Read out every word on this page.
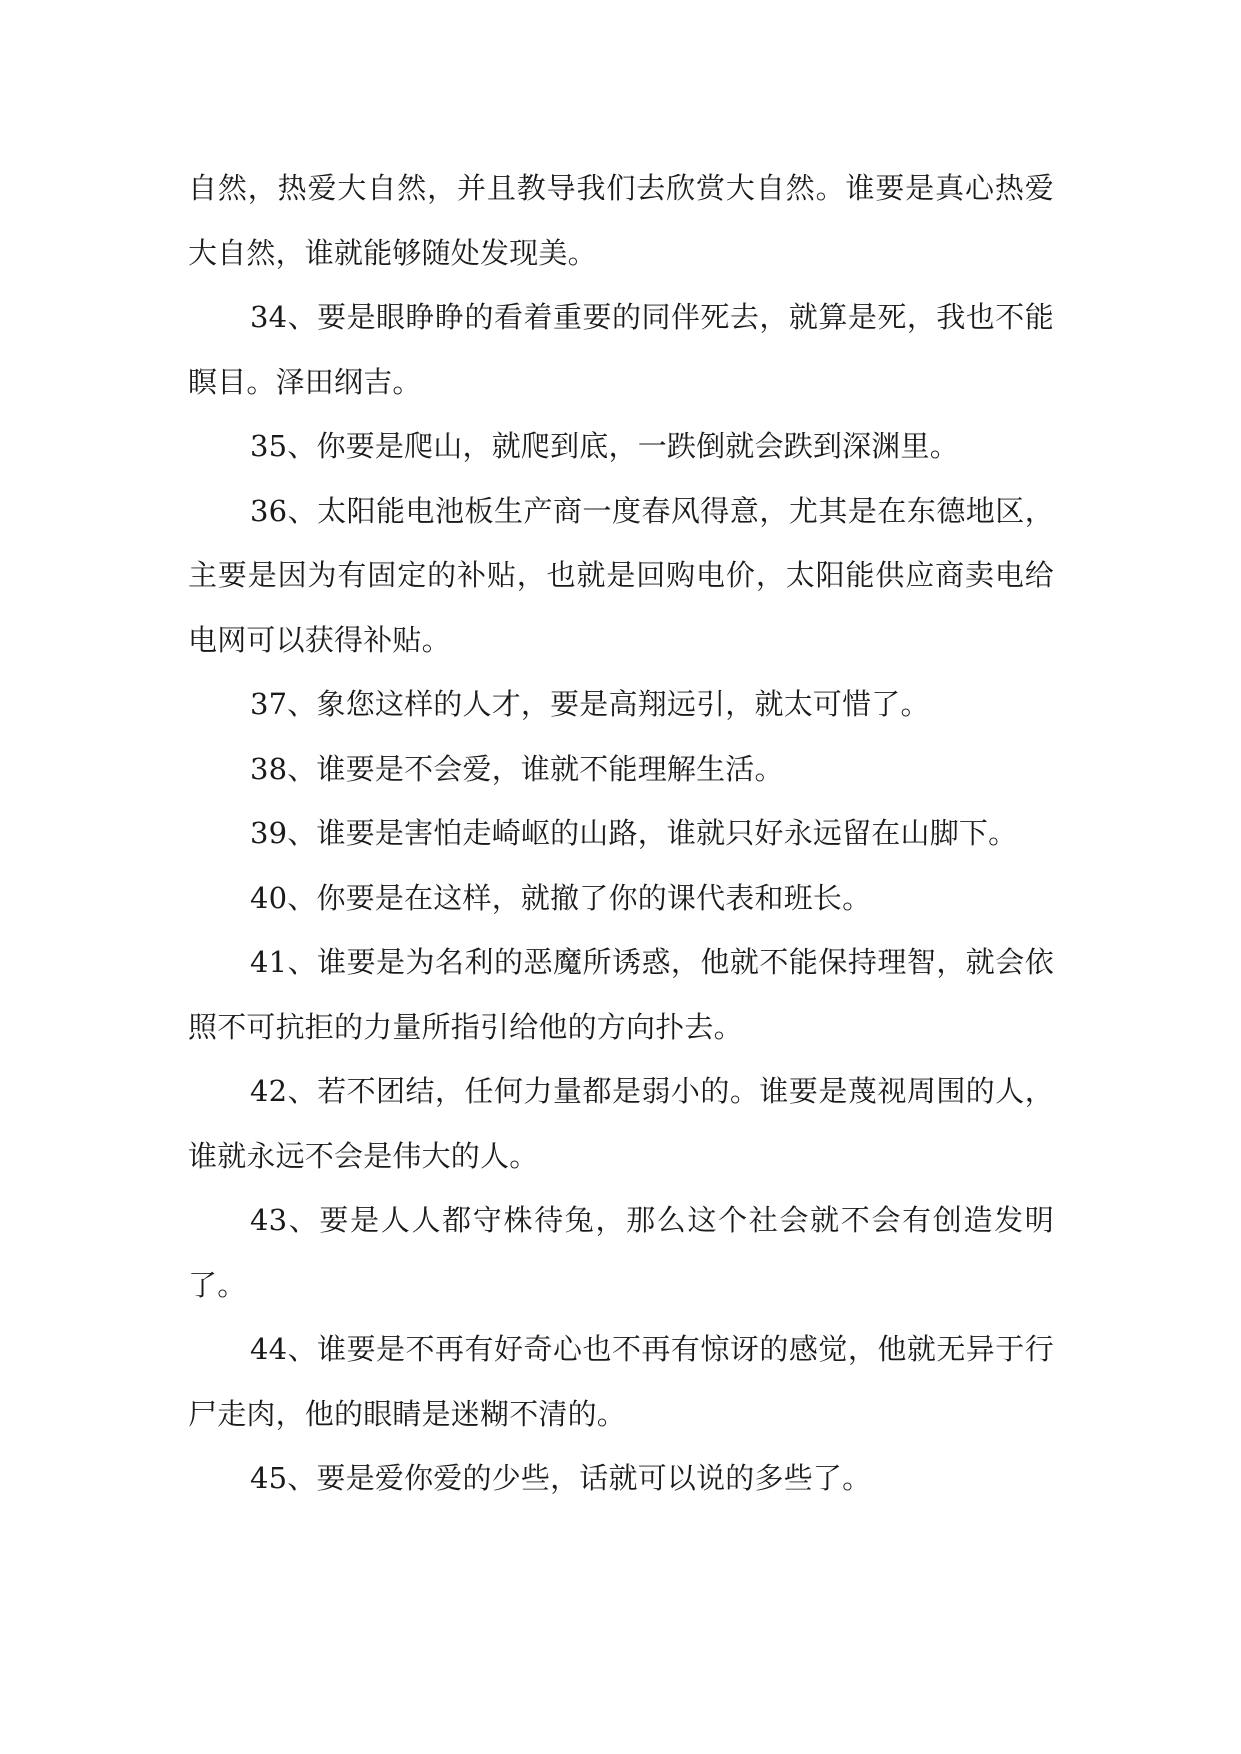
自然，热爱大自然，并且教导我们去欣赏大自然。谁要是真心热爱大自然，谁就能够随处发现美。

34、要是眼睁睁的看着重要的同伴死去，就算是死，我也不能瞑目。泽田纲吉。

35、你要是爬山，就爬到底，一跌倒就会跌到深渊里。

36、太阳能电池板生产商一度春风得意，尤其是在东德地区，主要是因为有固定的补贴，也就是回购电价，太阳能供应商卖电给电网可以获得补贴。

37、象您这样的人才，要是高翔远引，就太可惜了。

38、谁要是不会爱，谁就不能理解生活。

39、谁要是害怕走崎岖的山路，谁就只好永远留在山脚下。

40、你要是在这样，就撤了你的课代表和班长。

41、谁要是为名利的恶魔所诱惑，他就不能保持理智，就会依照不可抗拒的力量所指引给他的方向扑去。

42、若不团结，任何力量都是弱小的。谁要是蔑视周围的人，谁就永远不会是伟大的人。

43、要是人人都守株待兔，那么这个社会就不会有创造发明了。

44、谁要是不再有好奇心也不再有惊讶的感觉，他就无异于行尸走肉，他的眼睛是迷糊不清的。

45、要是爱你爱的少些，话就可以说的多些了。
